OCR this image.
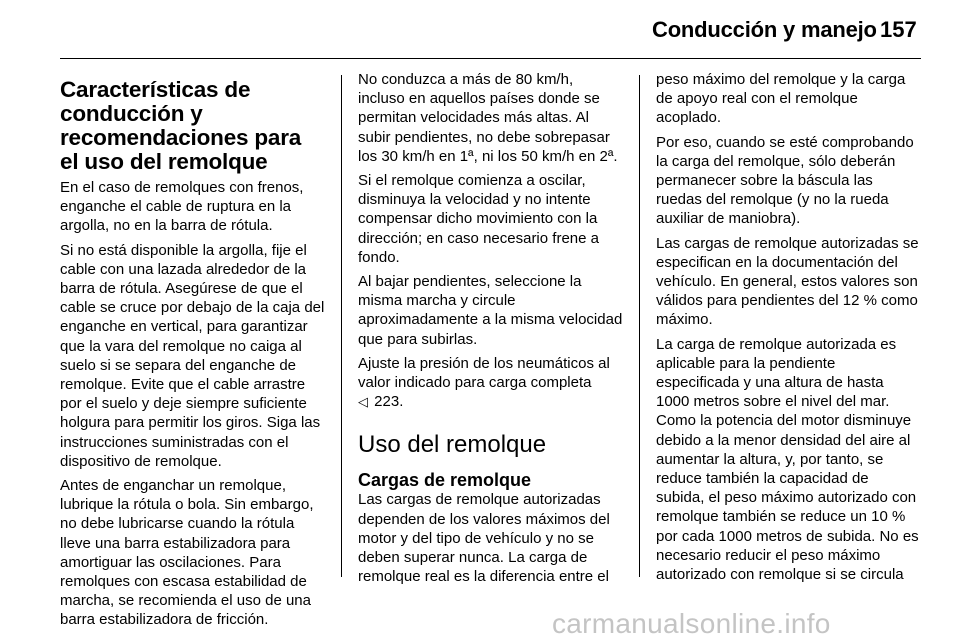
Conducción y manejo 157
Características de conducción y recomendaciones para el uso del remolque

En el caso de remolques con frenos, enganche el cable de ruptura en la argolla, no en la barra de rótula.

Si no está disponible la argolla, fije el cable con una lazada alrededor de la barra de rótula. Asegúrese de que el cable se cruce por debajo de la caja del enganche en vertical, para garantizar que la vara del remolque no caiga al suelo si se separa del enganche de remolque. Evite que el cable arrastre por el suelo y deje siempre suficiente holgura para permitir los giros. Siga las instrucciones suministradas con el dispositivo de remolque.

Antes de enganchar un remolque, lubrique la rótula o bola. Sin embargo, no debe lubricarse cuando la rótula lleve una barra estabilizadora para amortiguar las oscilaciones. Para remolques con escasa estabilidad de marcha, se recomienda el uso de una barra estabilizadora de fricción.

No conduzca a más de 80 km/h, incluso en aquellos países donde se permitan velocidades más altas. Al subir pendientes, no debe sobrepasar los 30 km/h en 1ª, ni los 50 km/h en 2ª.

Si el remolque comienza a oscilar, disminuya la velocidad y no intente compensar dicho movimiento con la dirección; en caso necesario frene a fondo.

Al bajar pendientes, seleccione la misma marcha y circule aproximadamente a la misma velocidad que para subirlas.

Ajuste la presión de los neumáticos al valor indicado para carga completa
◁ 223.

Uso del remolque
Cargas de remolque

Las cargas de remolque autorizadas dependen de los valores máximos del motor y del tipo de vehículo y no se deben superar nunca. La carga de remolque real es la diferencia entre el

peso máximo del remolque y la carga de apoyo real con el remolque acoplado.

Por eso, cuando se esté comprobando la carga del remolque, sólo deberán permanecer sobre la báscula las ruedas del remolque (y no la rueda auxiliar de maniobra).

Las cargas de remolque autorizadas se especifican en la documentación del vehículo. En general, estos valores son válidos para pendientes del 12 % como máximo.

La carga de remolque autorizada es aplicable para la pendiente especificada y una altura de hasta 1000 metros sobre el nivel del mar. Como la potencia del motor disminuye debido a la menor densidad del aire al aumentar la altura, y, por tanto, se reduce también la capacidad de subida, el peso máximo autorizado con remolque también se reduce un 10 % por cada 1000 metros de subida. No es necesario reducir el peso máximo autorizado con remolque si se circula

carmanualsonline.info
